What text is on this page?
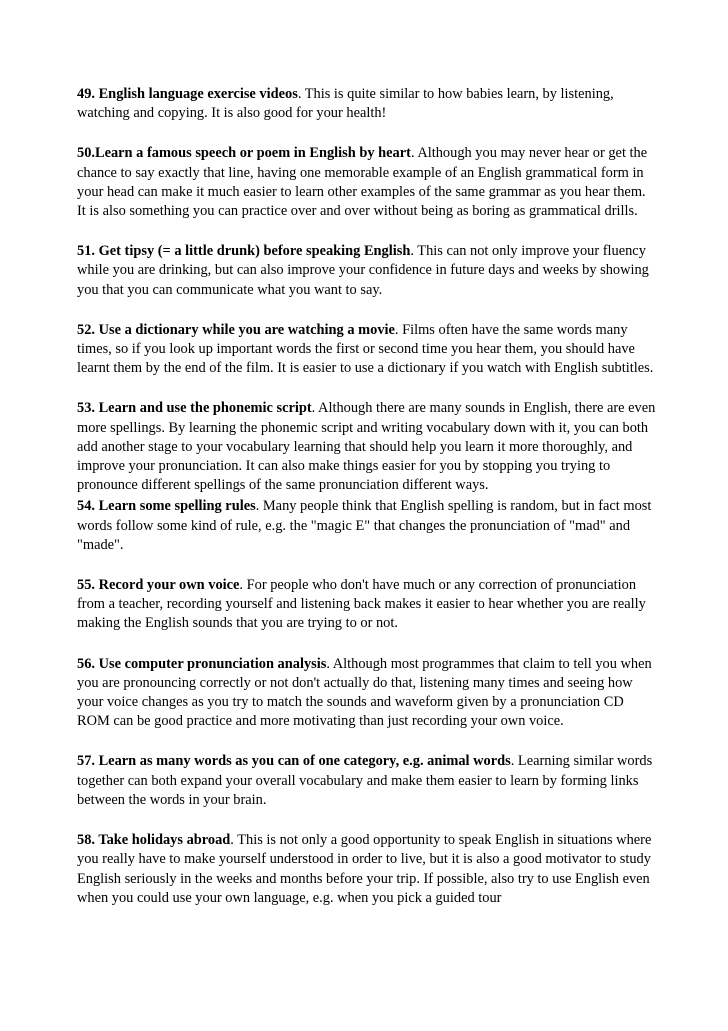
49. English language exercise videos. This is quite similar to how babies learn, by listening, watching and copying. It is also good for your health!

50.Learn a famous speech or poem in English by heart. Although you may never hear or get the chance to say exactly that line, having one memorable example of an English grammatical form in your head can make it much easier to learn other examples of the same grammar as you hear them. It is also something you can practice over and over without being as boring as grammatical drills.

51. Get tipsy (= a little drunk) before speaking English. This can not only improve your fluency while you are drinking, but can also improve your confidence in future days and weeks by showing you that you can communicate what you want to say.

52. Use a dictionary while you are watching a movie. Films often have the same words many times, so if you look up important words the first or second time you hear them, you should have learnt them by the end of the film. It is easier to use a dictionary if you watch with English subtitles.

53. Learn and use the phonemic script. Although there are many sounds in English, there are even more spellings. By learning the phonemic script and writing vocabulary down with it, you can both add another stage to your vocabulary learning that should help you learn it more thoroughly, and improve your pronunciation. It can also make things easier for you by stopping you trying to pronounce different spellings of the same pronunciation different ways.

54. Learn some spelling rules. Many people think that English spelling is random, but in fact most words follow some kind of rule, e.g. the "magic E" that changes the pronunciation of "mad" and "made".

55. Record your own voice. For people who don't have much or any correction of pronunciation from a teacher, recording yourself and listening back makes it easier to hear whether you are really making the English sounds that you are trying to or not.

56. Use computer pronunciation analysis. Although most programmes that claim to tell you when you are pronouncing correctly or not don't actually do that, listening many times and seeing how your voice changes as you try to match the sounds and waveform given by a pronunciation CD ROM can be good practice and more motivating than just recording your own voice.

57. Learn as many words as you can of one category, e.g. animal words. Learning similar words together can both expand your overall vocabulary and make them easier to learn by forming links between the words in your brain.

58. Take holidays abroad. This is not only a good opportunity to speak English in situations where you really have to make yourself understood in order to live, but it is also a good motivator to study English seriously in the weeks and months before your trip. If possible, also try to use English even when you could use your own language, e.g. when you pick a guided tour
